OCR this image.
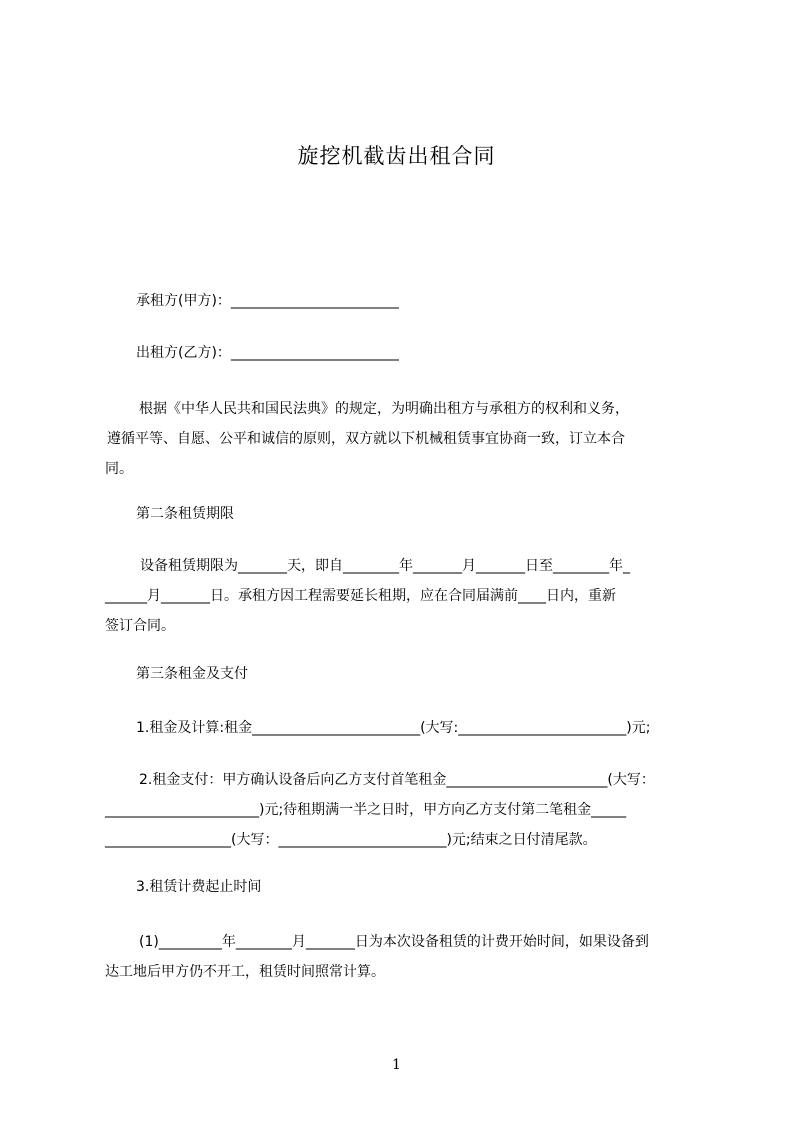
旋挖机截齿出租合同
承租方(甲方)：________________________
出租方(乙方)：________________________

根据《中华人民共和国民法典》的规定，为明确出租方与承租方的权利和义务，

遵循平等、自愿、公平和诚信的原则，双方就以下机械租赁事宜协商一致，订立本合

同。

第二条租赁期限

设备租赁期限为_______天，即自________年_______月_______日至________年_

______月_______日。承租方因工程需要延长租期，应在合同届满前____日内，重新

签订合同。

第三条租金及支付
1.租金及计算:租金________________________(大写:________________________)元;

2.租金支付：甲方确认设备后向乙方支付首笔租金_______________________(大写：

______________________)元;待租期满一半之日时，甲方向乙方支付第二笔租金_____

__________________(大写：________________________)元;结束之日付清尾款。

3.租赁计费起止时间

(1)_________年________月_______日为本次设备租赁的计费开始时间，如果设备到

达工地后甲方仍不开工，租赁时间照常计算。

1
